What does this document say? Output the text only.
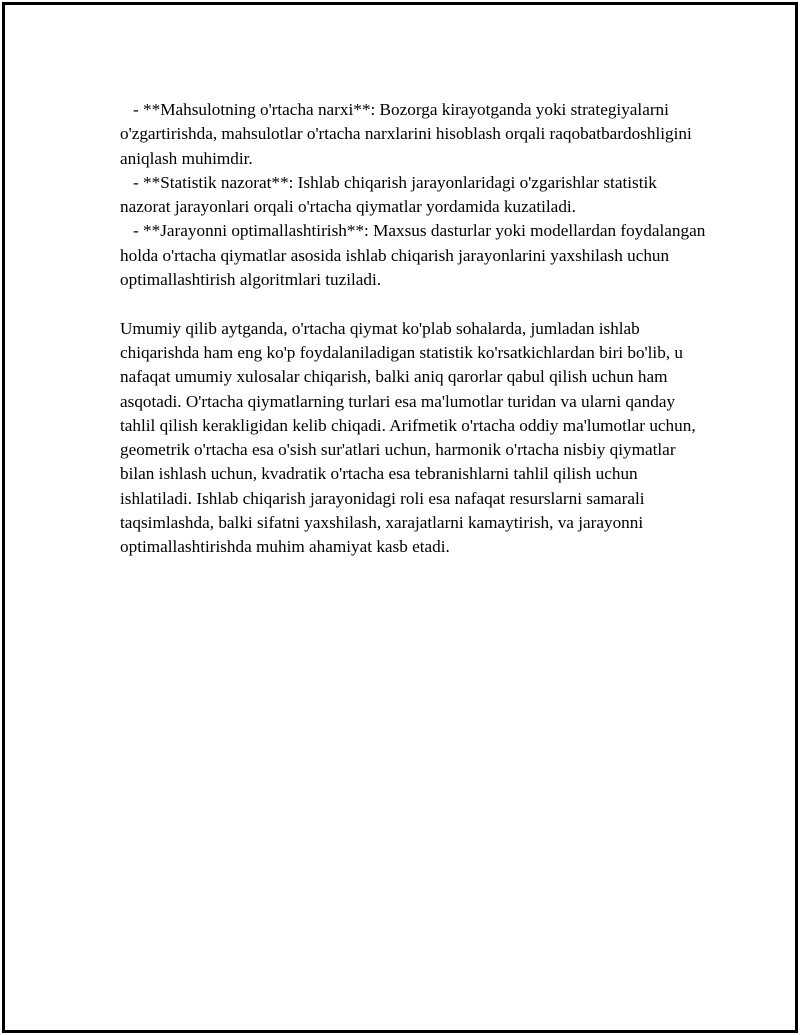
- **Mahsulotning o'rtacha narxi**: Bozorga kirayotganda yoki strategiyalarni o'zgartirishda, mahsulotlar o'rtacha narxlarini hisoblash orqali raqobatbardoshligini aniqlash muhimdir.

- **Statistik nazorat**: Ishlab chiqarish jarayonlaridagi o'zgarishlar statistik nazorat jarayonlari orqali o'rtacha qiymatlar yordamida kuzatiladi.

- **Jarayonni optimallashtirish**: Maxsus dasturlar yoki modellardan foydalangan holda o'rtacha qiymatlar asosida ishlab chiqarish jarayonlarini yaxshilash uchun optimallashtirish algoritmlari tuziladi.

Umumiy qilib aytganda, o'rtacha qiymat ko'plab sohalarda, jumladan ishlab chiqarishda ham eng ko'p foydalaniladigan statistik ko'rsatkichlardan biri bo'lib, u nafaqat umumiy xulosalar chiqarish, balki aniq qarorlar qabul qilish uchun ham asqotadi. O'rtacha qiymatlarning turlari esa ma'lumotlar turidan va ularni qanday tahlil qilish kerakligidan kelib chiqadi. Arifmetik o'rtacha oddiy ma'lumotlar uchun, geometrik o'rtacha esa o'sish sur'atlari uchun, harmonik o'rtacha nisbiy qiymatlar bilan ishlash uchun, kvadratik o'rtacha esa tebranishlarni tahlil qilish uchun ishlatiladi. Ishlab chiqarish jarayonidagi roli esa nafaqat resurslarni samarali taqsimlashda, balki sifatni yaxshilash, xarajatlarni kamaytirish, va jarayonni optimallashtirishda muhim ahamiyat kasb etadi.
